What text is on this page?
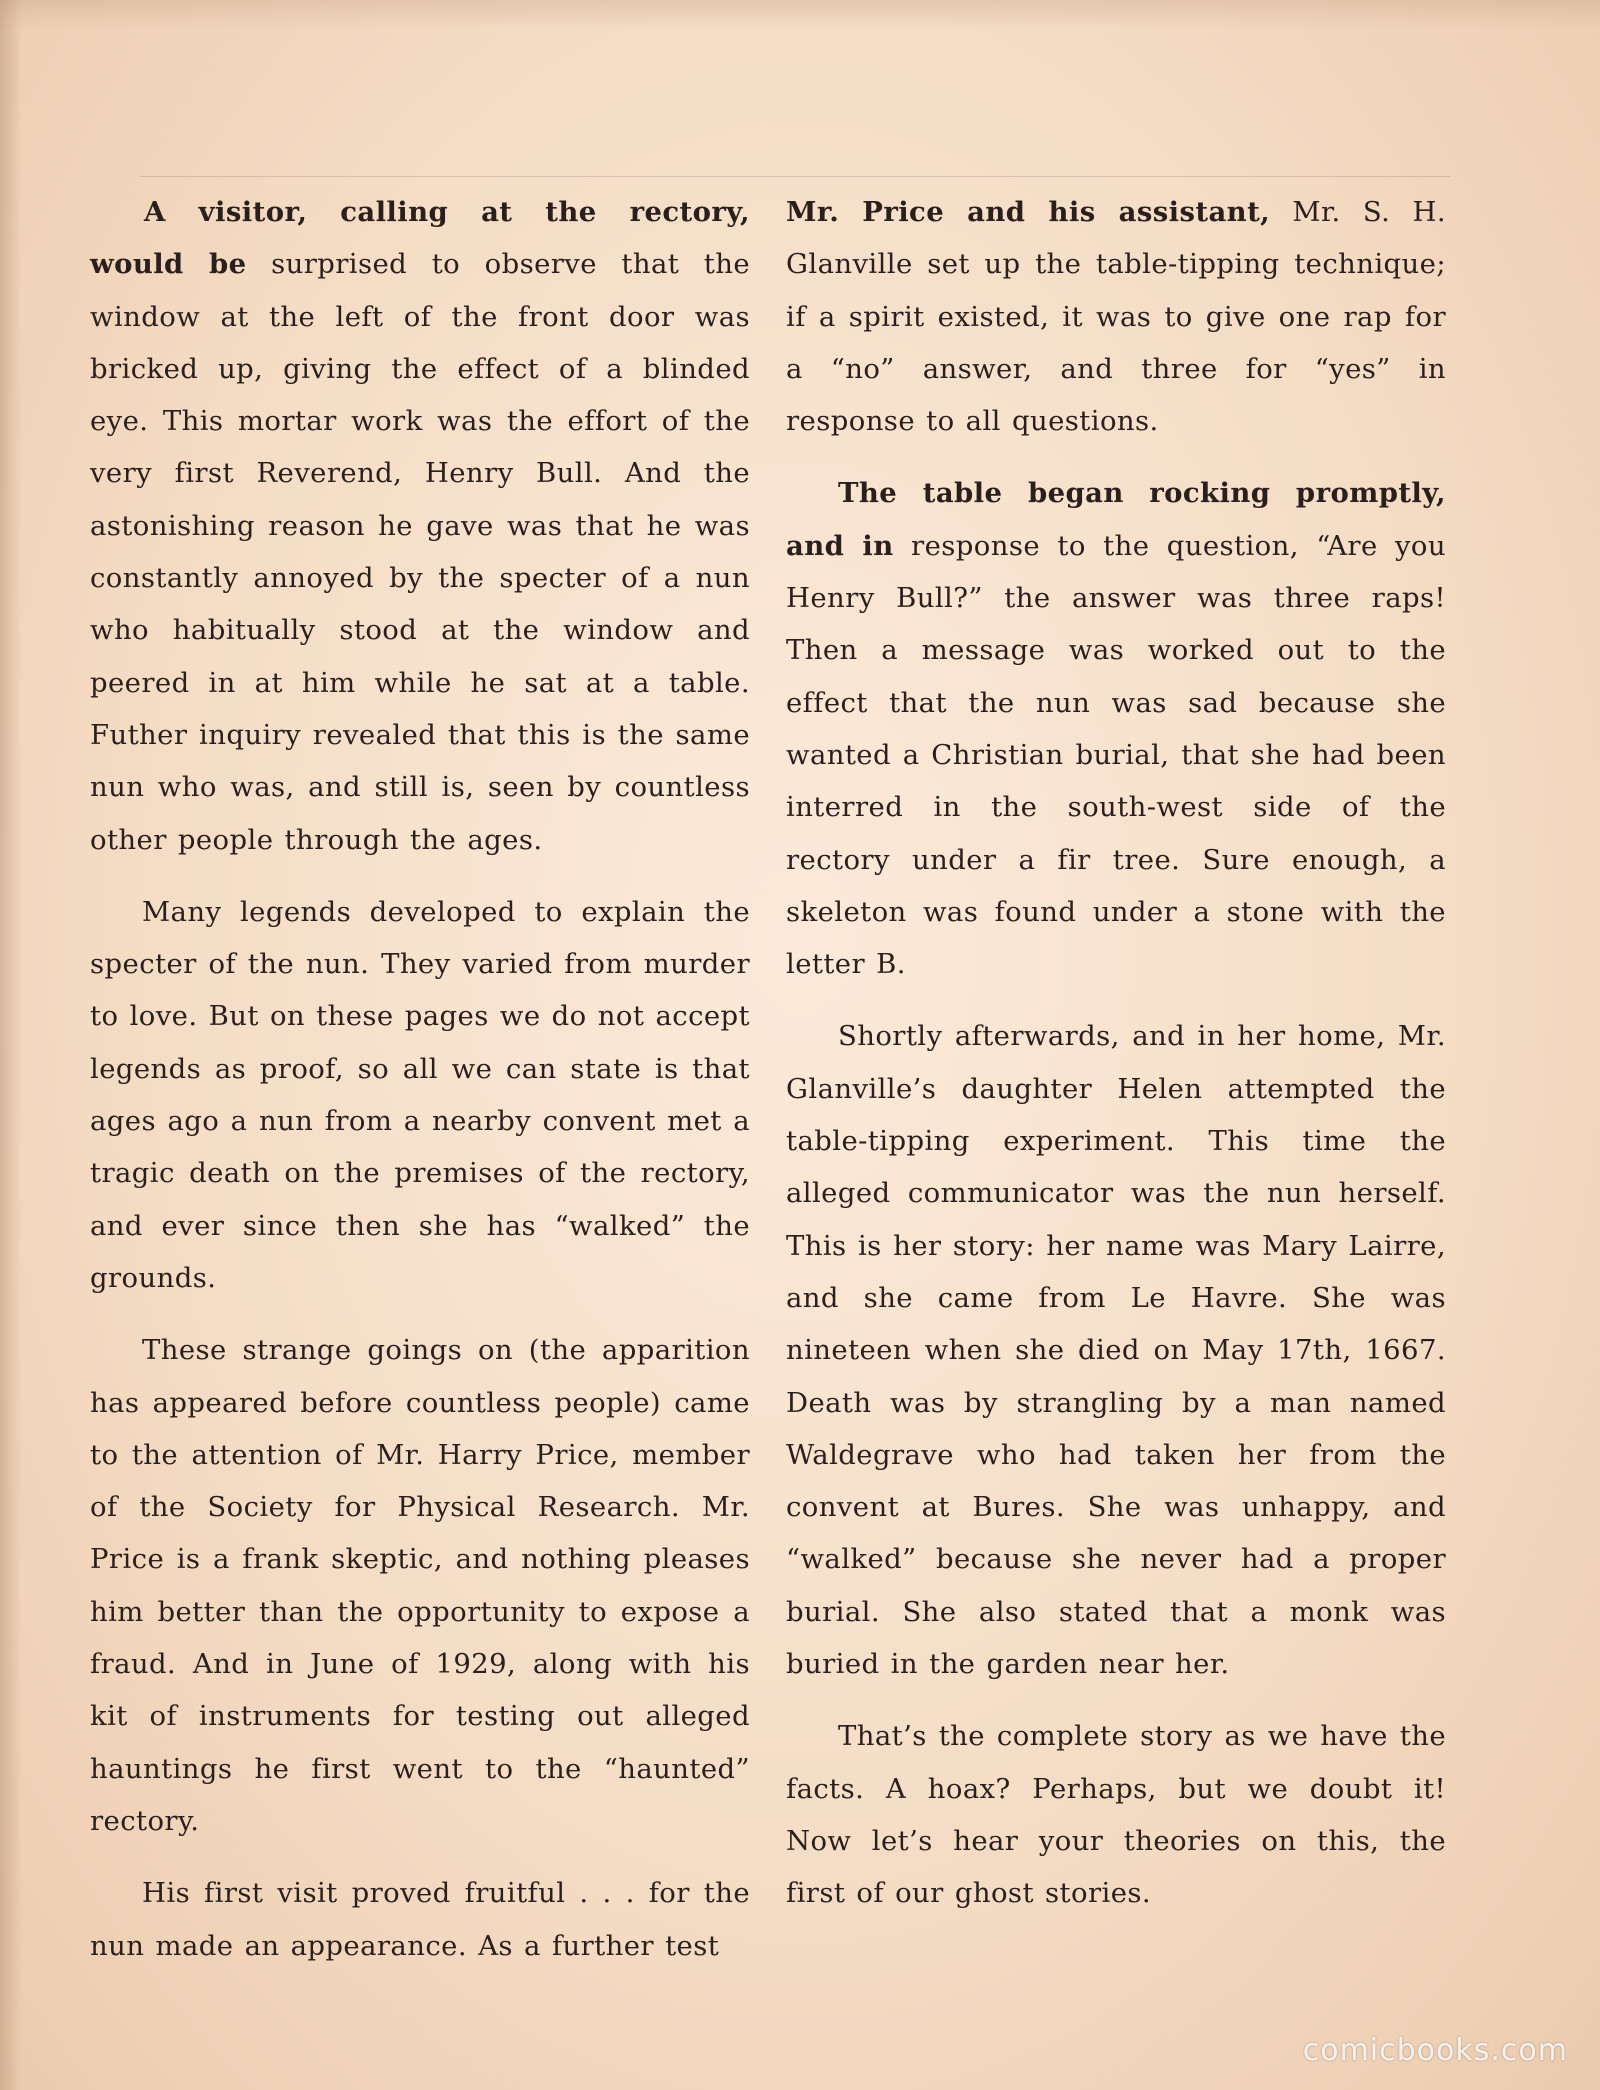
A visitor, calling at the rectory, would be surprised to observe that the window at the left of the front door was bricked up, giving the effect of a blinded eye. This mortar work was the effort of the very first Reverend, Henry Bull. And the astonishing reason he gave was that he was constantly annoyed by the specter of a nun who habitually stood at the window and peered in at him while he sat at a table. Futher inquiry revealed that this is the same nun who was, and still is, seen by countless other people through the ages.

Many legends developed to explain the specter of the nun. They varied from murder to love. But on these pages we do not accept legends as proof, so all we can state is that ages ago a nun from a nearby convent met a tragic death on the premises of the rectory, and ever since then she has “walked” the grounds.

These strange goings on (the apparition has appeared before countless people) came to the attention of Mr. Harry Price, member of the Society for Physical Research. Mr. Price is a frank skeptic, and nothing pleases him better than the opportunity to expose a fraud. And in June of 1929, along with his kit of instruments for testing out alleged hauntings he first went to the “haunted” rectory.

His first visit proved fruitful . . . for the nun made an appearance. As a further test

Mr. Price and his assistant, Mr. S. H. Glanville set up the table-tipping technique; if a spirit existed, it was to give one rap for a “no” answer, and three for “yes” in response to all questions.

The table began rocking promptly, and in response to the question, “Are you Henry Bull?” the answer was three raps! Then a message was worked out to the effect that the nun was sad because she wanted a Christian burial, that she had been interred in the south-west side of the rectory under a fir tree. Sure enough, a skeleton was found under a stone with the letter B.

Shortly afterwards, and in her home, Mr. Glanville’s daughter Helen attempted the table-tipping experiment. This time the alleged communicator was the nun herself. This is her story: her name was Mary Lairre, and she came from Le Havre. She was nineteen when she died on May 17th, 1667. Death was by strangling by a man named Waldegrave who had taken her from the convent at Bures. She was unhappy, and “walked” because she never had a proper burial. She also stated that a monk was buried in the garden near her.

That’s the complete story as we have the facts. A hoax? Perhaps, but we doubt it! Now let’s hear your theories on this, the first of our ghost stories.

comicbooks.com
